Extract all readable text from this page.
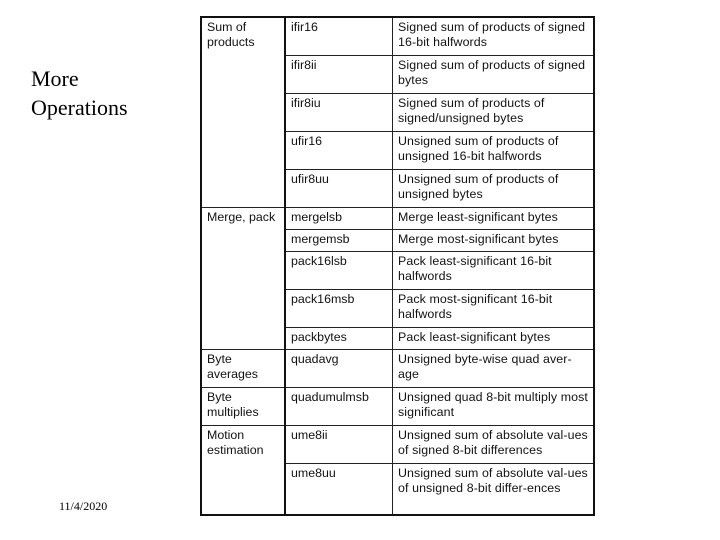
More
Operations
11/4/2020
Sum of products	ifir16	Signed sum of products of signed 16-bit halfwords
	ifir8ii	Signed sum of products of signed bytes
	ifir8iu	Signed sum of products of signed/unsigned bytes
	ufir16	Unsigned sum of products of unsigned 16-bit halfwords
	ufir8uu	Unsigned sum of products of unsigned bytes
Merge, pack	mergelsb	Merge least-significant bytes
	mergemsb	Merge most-significant bytes
	pack16lsb	Pack least-significant 16-bit halfwords
	pack16msb	Pack most-significant 16-bit halfwords
	packbytes	Pack least-significant bytes
Byte averages	quadavg	Unsigned byte-wise quad aver-age
Byte multiplies	quadumulmsb	Unsigned quad 8-bit multiply most significant
Motion estimation	ume8ii	Unsigned sum of absolute val-ues of signed 8-bit differences
	ume8uu	Unsigned sum of absolute val-ues of unsigned 8-bit differ-ences
